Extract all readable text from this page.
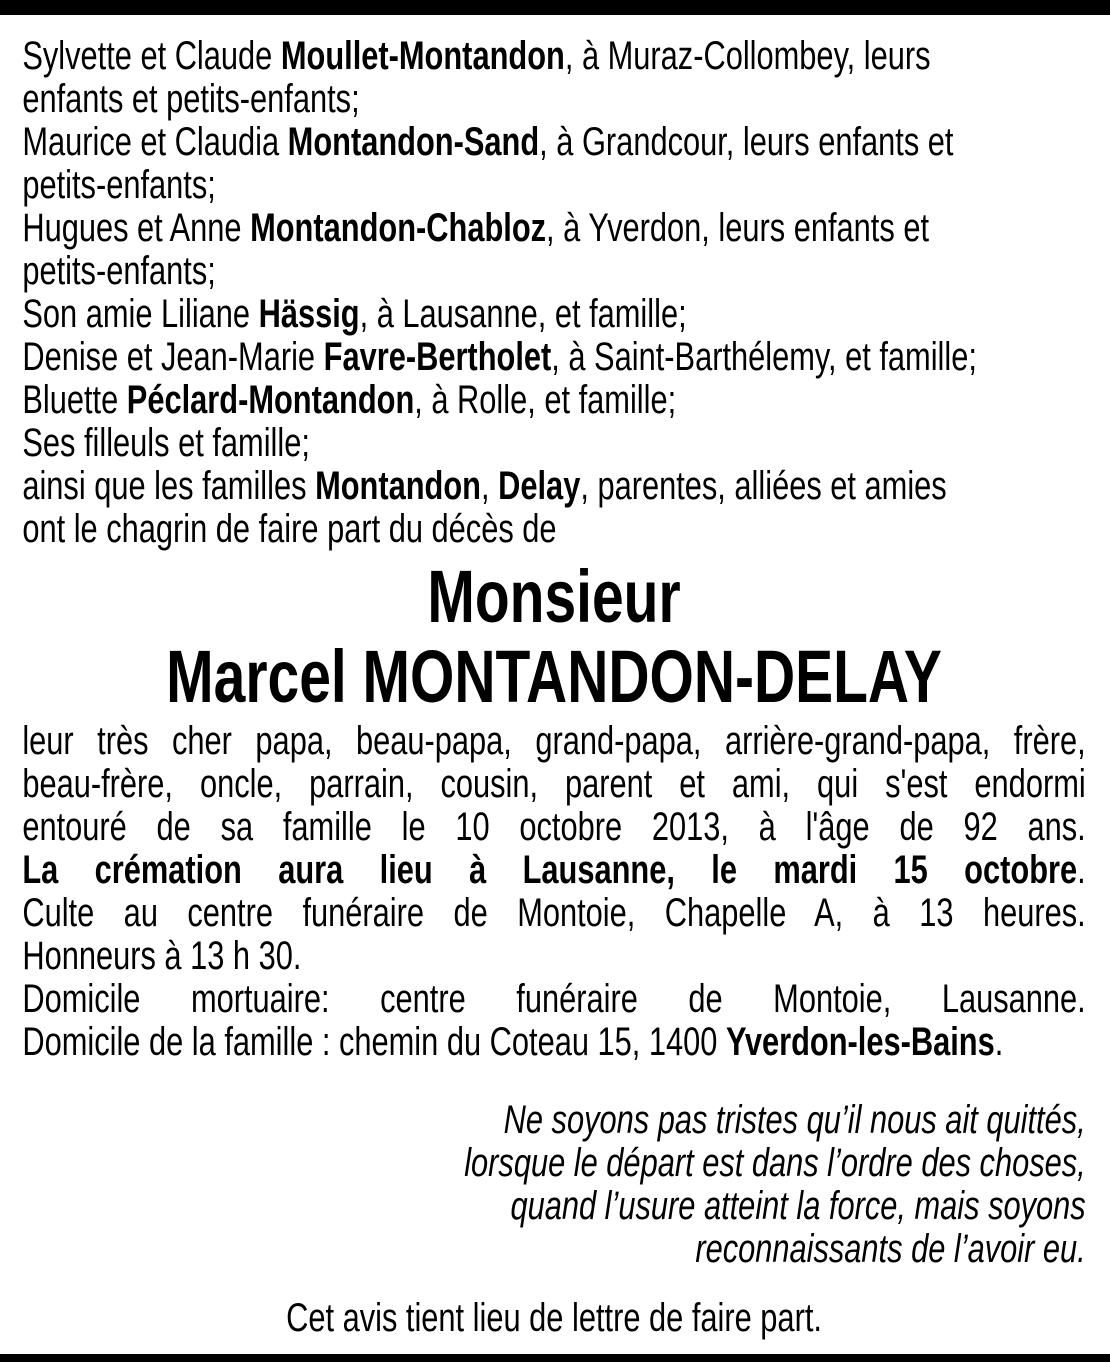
Sylvette et Claude Moullet-Montandon, à Muraz-Collombey, leurs
enfants et petits-enfants;
Maurice et Claudia Montandon-Sand, à Grandcour, leurs enfants et
petits-enfants;
Hugues et Anne Montandon-Chabloz, à Yverdon, leurs enfants et
petits-enfants;
Son amie Liliane Hässig, à Lausanne, et famille;
Denise et Jean-Marie Favre-Bertholet, à Saint-Barthélemy, et famille;
Bluette Péclard-Montandon, à Rolle, et famille;
Ses filleuls et famille;
ainsi que les familles Montandon, Delay, parentes, alliées et amies
ont le chagrin de faire part du décès de
Monsieur
Marcel MONTANDON-DELAY
leur très cher papa, beau-papa, grand-papa, arrière-grand-papa, frère,
beau-frère, oncle, parrain, cousin, parent et ami, qui s'est endormi
entouré de sa famille le 10 octobre 2013, à l'âge de 92 ans.
La crémation aura lieu à Lausanne, le mardi 15 octobre.
Culte au centre funéraire de Montoie, Chapelle A, à 13 heures.
Honneurs à 13 h 30.
Domicile mortuaire: centre funéraire de Montoie, Lausanne.
Domicile de la famille : chemin du Coteau 15, 1400 Yverdon-les-Bains.
Ne soyons pas tristes qu’il nous ait quittés,
lorsque le départ est dans l’ordre des choses,
quand l’usure atteint la force, mais soyons
reconnaissants de l’avoir eu.
Cet avis tient lieu de lettre de faire part.
